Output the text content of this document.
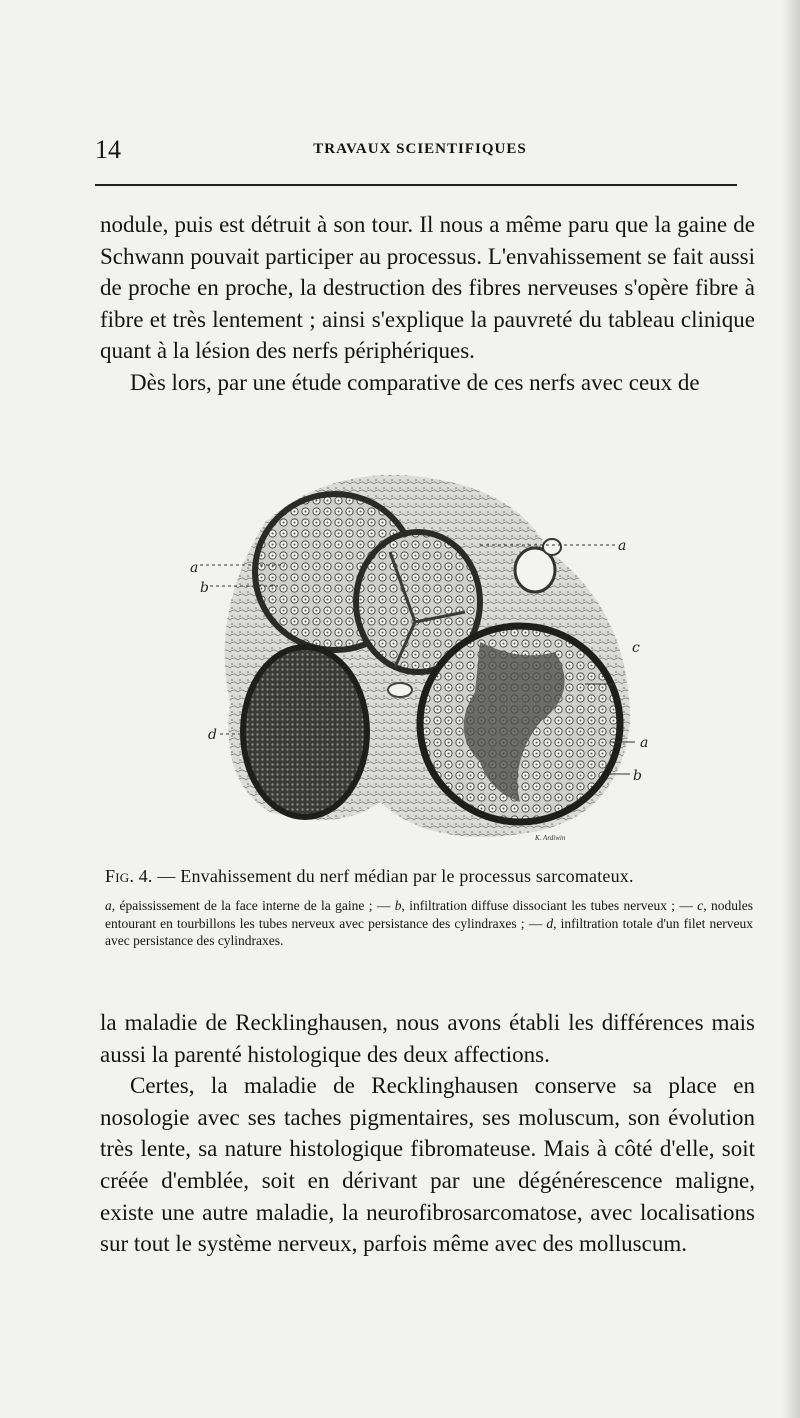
14	TRAVAUX SCIENTIFIQUES

nodule, puis est détruit à son tour. Il nous a même paru que la gaine de Schwann pouvait participer au processus. L'envahissement se fait aussi de proche en proche, la destruction des fibres nerveuses s'opère fibre à fibre et très lentement ; ainsi s'explique la pauvreté du tableau clinique quant à la lésion des nerfs périphériques.

Dès lors, par une étude comparative de ces nerfs avec ceux de

a
b
a
c
d	a
b
K. Ardiwin
Fig. 4. — Envahissement du nerf médian par le processus sarcomateux.

a, épaississement de la face interne de la gaine ; — b, infiltration diffuse dissociant les tubes nerveux ; — c, nodules entourant en tourbillons les tubes nerveux avec persistance des cylindraxes ; — d, infiltration totale d'un filet nerveux avec persistance des cylindraxes.

la maladie de Recklinghausen, nous avons établi les différences mais aussi la parenté histologique des deux affections.

Certes, la maladie de Recklinghausen conserve sa place en nosologie avec ses taches pigmentaires, ses moluscum, son évolution très lente, sa nature histologique fibromateuse. Mais à côté d'elle, soit créée d'emblée, soit en dérivant par une dégénérescence maligne, existe une autre maladie, la neurofibrosarcomatose, avec localisations sur tout le système nerveux, parfois même avec des molluscum.
